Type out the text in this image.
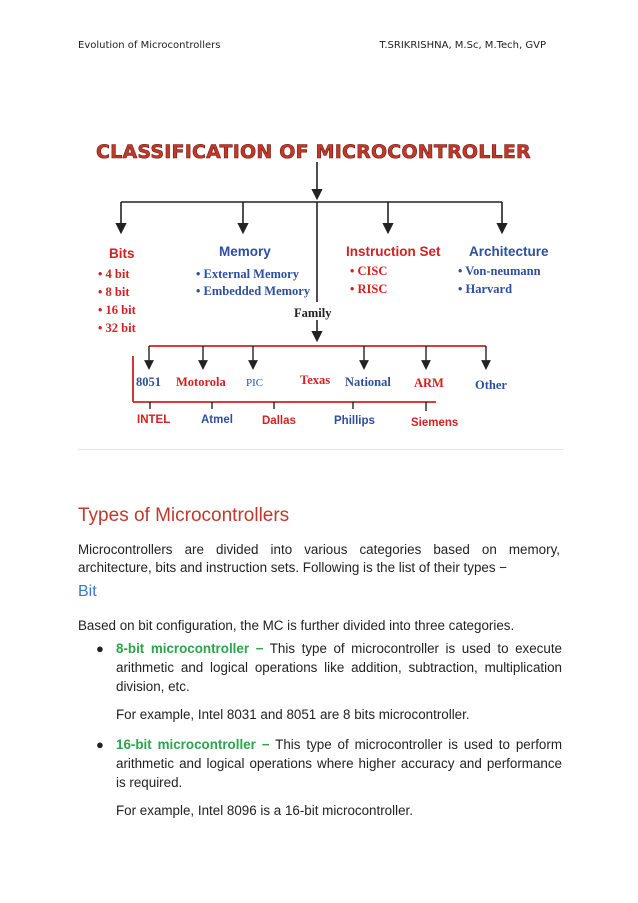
Evolution of Microcontrollers	T.SRIKRISHNA, M.Sc, M.Tech, GVP
CLASSIFICATION OF MICROCONTROLLER
Bits	Memory	Instruction Set Architecture
• 4 bit
• 8 bit
• 16 bit
• 32 bit
• External Memory
• Embedded Memory
• CISC
• RISC
• Von-neumann
• Harvard
Family
8051 Motorola PIC	Texas National ARM Other
INTEL	Atmel	Dallas	Phillips	Siemens
Types of Microcontrollers
Microcontrollers are divided into various categories based on memory, architecture, bits and instruction sets. Following is the list of their types −
Bit
Based on bit configuration, the MC is further divided into three categories.
● 8-bit microcontroller − This type of microcontroller is used to execute arithmetic and logical operations like addition, subtraction, multiplication division, etc.
For example, Intel 8031 and 8051 are 8 bits microcontroller.
● 16-bit microcontroller − This type of microcontroller is used to perform arithmetic and logical operations where higher accuracy and performance is required.
For example, Intel 8096 is a 16-bit microcontroller.
